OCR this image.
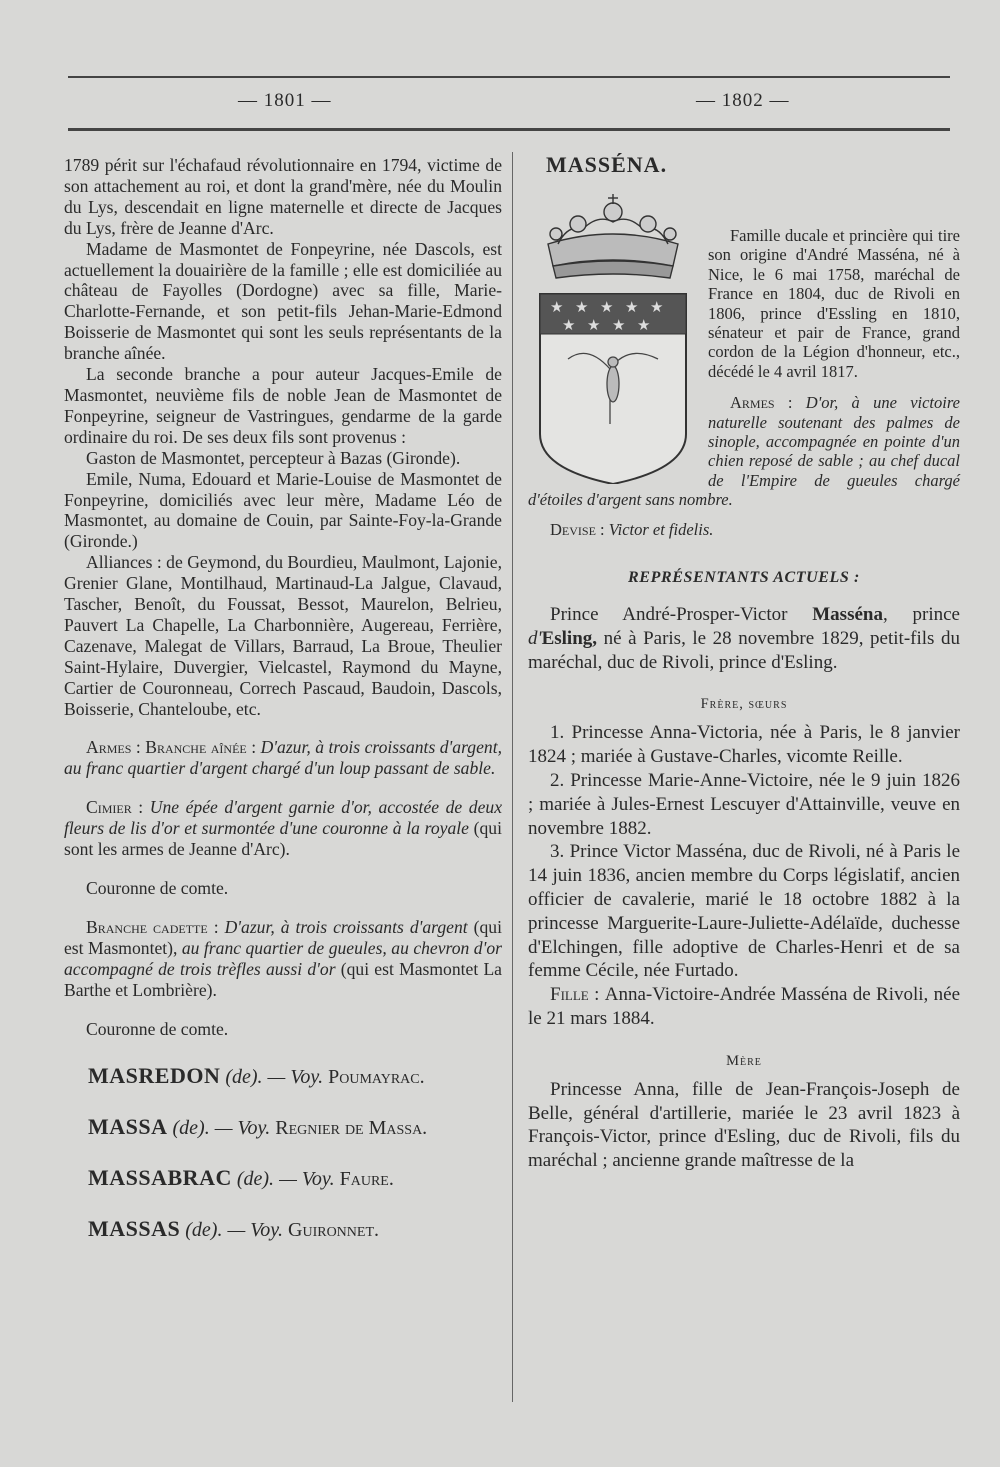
— 1801 —	— 1802 —

1789 périt sur l'échafaud révolutionnaire en 1794, victime de son attachement au roi, et dont la grand'mère, née du Moulin du Lys, descendait en ligne maternelle et directe de Jacques du Lys, frère de Jeanne d'Arc.

Madame de Masmontet de Fonpeyrine, née Dascols, est actuellement la douairière de la famille ; elle est domiciliée au château de Fayolles (Dordogne) avec sa fille, Marie-Charlotte-Fernande, et son petit-fils Jehan-Marie-Edmond Boisserie de Masmontet qui sont les seuls représentants de la branche aînée.

La seconde branche a pour auteur Jacques-Emile de Masmontet, neuvième fils de noble Jean de Masmontet de Fonpeyrine, seigneur de Vastringues, gendarme de la garde ordinaire du roi. De ses deux fils sont provenus :

Gaston de Masmontet, percepteur à Bazas (Gironde).

Emile, Numa, Edouard et Marie-Louise de Masmontet de Fonpeyrine, domiciliés avec leur mère, Madame Léo de Masmontet, au domaine de Couin, par Sainte-Foy-la-Grande (Gironde.)

Alliances : de Geymond, du Bourdieu, Maulmont, Lajonie, Grenier Glane, Montilhaud, Martinaud-La Jalgue, Clavaud, Tascher, Benoît, du Foussat, Bessot, Maurelon, Belrieu, Pauvert La Chapelle, La Charbonnière, Augereau, Ferrière, Cazenave, Malegat de Villars, Barraud, La Broue, Theulier Saint-Hylaire, Duvergier, Vielcastel, Raymond du Mayne, Cartier de Couronneau, Correch Pascaud, Baudoin, Dascols, Boisserie, Chanteloube, etc.

Armes : Branche aînée : D'azur, à trois croissants d'argent, au franc quartier d'argent chargé d'un loup passant de sable.

Cimier : Une épée d'argent garnie d'or, accostée de deux fleurs de lis d'or et surmontée d'une couronne à la royale (qui sont les armes de Jeanne d'Arc).

Couronne de comte.

Branche cadette : D'azur, à trois croissants d'argent (qui est Masmontet), au franc quartier de gueules, au chevron d'or accompagné de trois trèfles aussi d'or (qui est Masmontet La Barthe et Lombrière).

Couronne de comte.

MASREDON (de). — Voy. Poumayrac.

MASSA (de). — Voy. Regnier de Massa.

MASSABRAC (de). — Voy. Faure.

MASSAS (de). — Voy. Guironnet.

MASSÉNA.
★ ★ ★ ★ ★
★ ★ ★ ★

Famille ducale et princière qui tire son origine d'André Masséna, né à Nice, le 6 mai 1758, maréchal de France en 1804, duc de Rivoli en 1806, prince d'Essling en 1810, sénateur et pair de France, grand cordon de la Légion d'honneur, etc., décédé le 4 avril 1817.

Armes : D'or, à une victoire naturelle soutenant des palmes de sinople, accompagnée en pointe d'un chien reposé de sable ; au chef ducal de l'Empire de gueules chargé d'étoiles d'argent sans nombre.

Devise : Victor et fidelis.

REPRÉSENTANTS ACTUELS :

Prince André-Prosper-Victor Masséna, prince d'Esling, né à Paris, le 28 novembre 1829, petit-fils du maréchal, duc de Rivoli, prince d'Esling.

Frère, sœurs

1. Princesse Anna-Victoria, née à Paris, le 8 janvier 1824 ; mariée à Gustave-Charles, vicomte Reille.

2. Princesse Marie-Anne-Victoire, née le 9 juin 1826 ; mariée à Jules-Ernest Lescuyer d'Attainville, veuve en novembre 1882.

3. Prince Victor Masséna, duc de Rivoli, né à Paris le 14 juin 1836, ancien membre du Corps législatif, ancien officier de cavalerie, marié le 18 octobre 1882 à la princesse Marguerite-Laure-Juliette-Adélaïde, duchesse d'Elchingen, fille adoptive de Charles-Henri et de sa femme Cécile, née Furtado.

Fille : Anna-Victoire-Andrée Masséna de Rivoli, née le 21 mars 1884.

Mère

Princesse Anna, fille de Jean-François-Joseph de Belle, général d'artillerie, mariée le 23 avril 1823 à François-Victor, prince d'Esling, duc de Rivoli, fils du maréchal ; ancienne grande maîtresse de la
